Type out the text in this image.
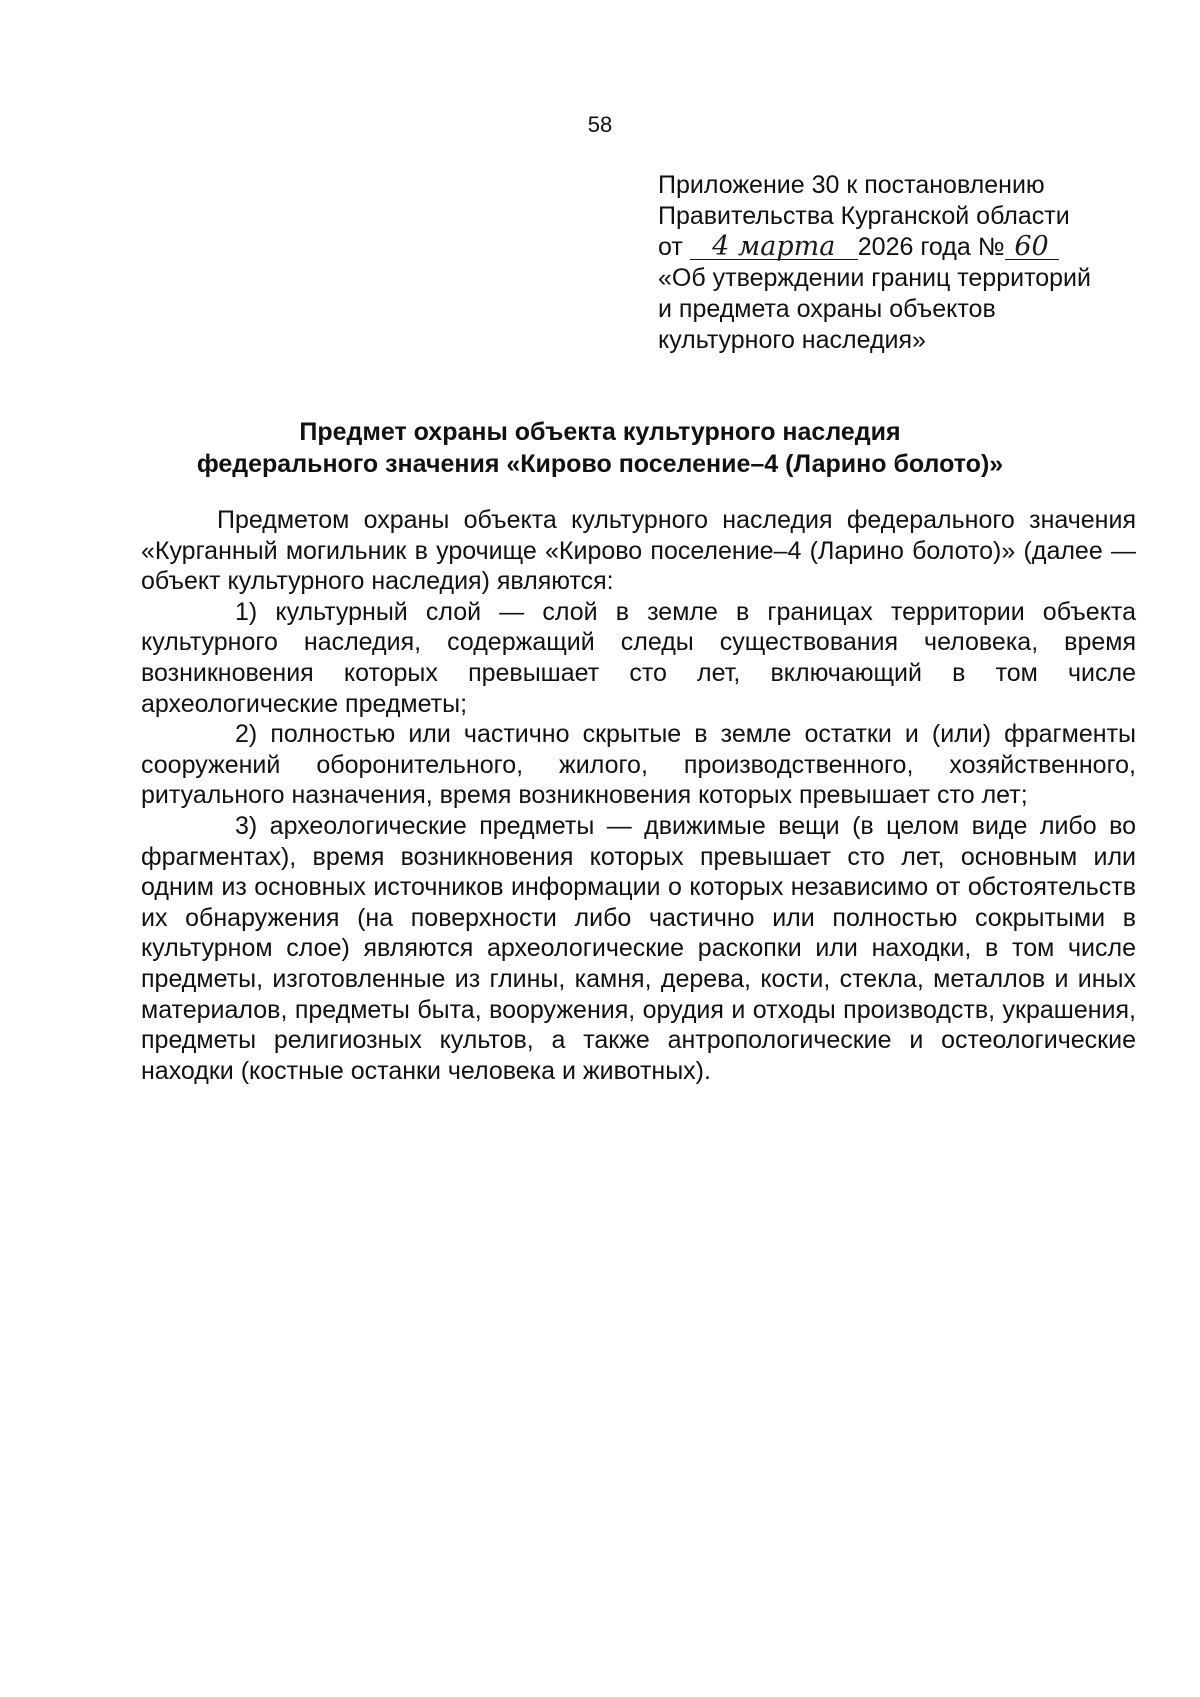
58
Приложение 30 к постановлению
Правительства Курганской области
от 4 марта 2026 года № 60
«Об утверждении границ территорий
и предмета охраны объектов
культурного наследия»
Предмет охраны объекта культурного наследия
федерального значения «Кирово поселение–4 (Ларино болото)»

Предметом охраны объекта культурного наследия федерального значения «Курганный могильник в урочище «Кирово поселение–4 (Ларино болото)» (далее — объект культурного наследия) являются:

1) культурный слой — слой в земле в границах территории объекта культурного наследия, содержащий следы существования человека, время возникновения которых превышает сто лет, включающий в том числе археологические предметы;

2) полностью или частично скрытые в земле остатки и (или) фрагменты сооружений оборонительного, жилого, производственного, хозяйственного, ритуального назначения, время возникновения которых превышает сто лет;

3) археологические предметы — движимые вещи (в целом виде либо во фрагментах), время возникновения которых превышает сто лет, основным или одним из основных источников информации о которых независимо от обстоятельств их обнаружения (на поверхности либо частично или полностью сокрытыми в культурном слое) являются археологические раскопки или находки, в том числе предметы, изготовленные из глины, камня, дерева, кости, стекла, металлов и иных материалов, предметы быта, вооружения, орудия и отходы производств, украшения, предметы религиозных культов, а также антропологические и остеологические находки (костные останки человека и животных).
